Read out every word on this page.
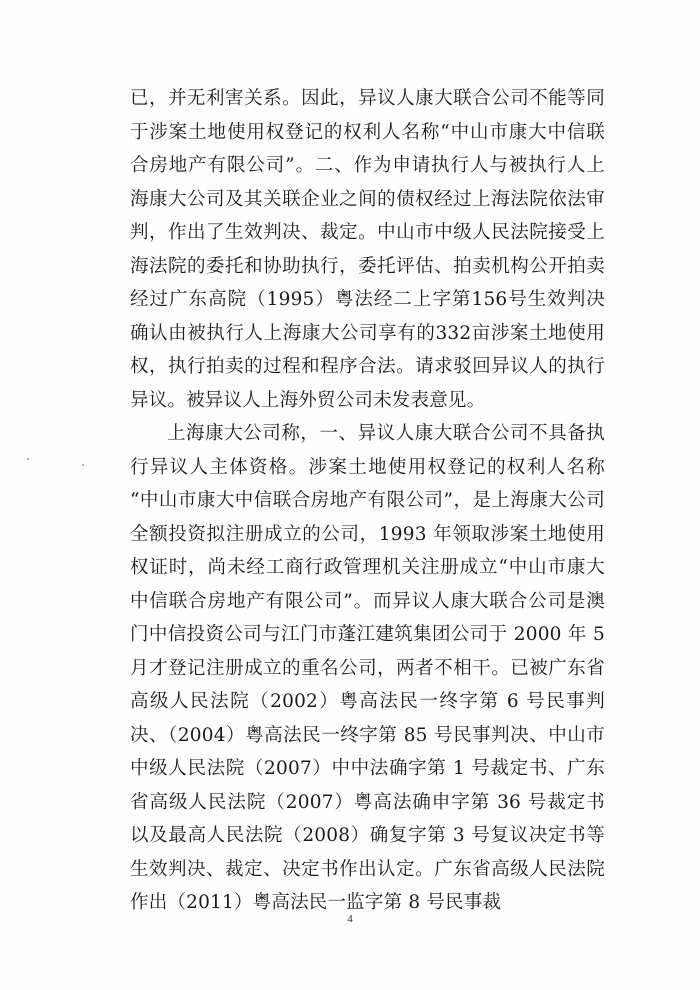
已，并无利害关系。因此，异议人康大联合公司不能等同于涉案土地使用权登记的权利人名称“中山市康大中信联合房地产有限公司”。二、作为申请执行人与被执行人上海康大公司及其关联企业之间的债权经过上海法院依法审判，作出了生效判决、裁定。中山市中级人民法院接受上海法院的委托和协助执行，委托评估、拍卖机构公开拍卖经过广东高院（1995）粤法经二上字第156号生效判决确认由被执行人上海康大公司享有的332亩涉案土地使用权，执行拍卖的过程和程序合法。请求驳回异议人的执行异议。被异议人上海外贸公司未发表意见。

上海康大公司称，一、异议人康大联合公司不具备执行异议人主体资格。涉案土地使用权登记的权利人名称 “中山市康大中信联合房地产有限公司”，是上海康大公司全额投资拟注册成立的公司，1993 年领取涉案土地使用权证时，尚未经工商行政管理机关注册成立“中山市康大中信联合房地产有限公司”。而异议人康大联合公司是澳门中信投资公司与江门市蓬江建筑集团公司于 2000 年 5 月才登记注册成立的重名公司，两者不相干。已被广东省高级人民法院（2002）粤高法民一终字第 6 号民事判决、（2004）粤高法民一终字第 85 号民事判决、中山市中级人民法院（2007）中中法确字第 1 号裁定书、广东省高级人民法院（2007）粤高法确申字第 36 号裁定书以及最高人民法院（2008）确复字第 3 号复议决定书等生效判决、裁定、决定书作出认定。广东省高级人民法院作出（2011）粤高法民一监字第 8 号民事裁

4
